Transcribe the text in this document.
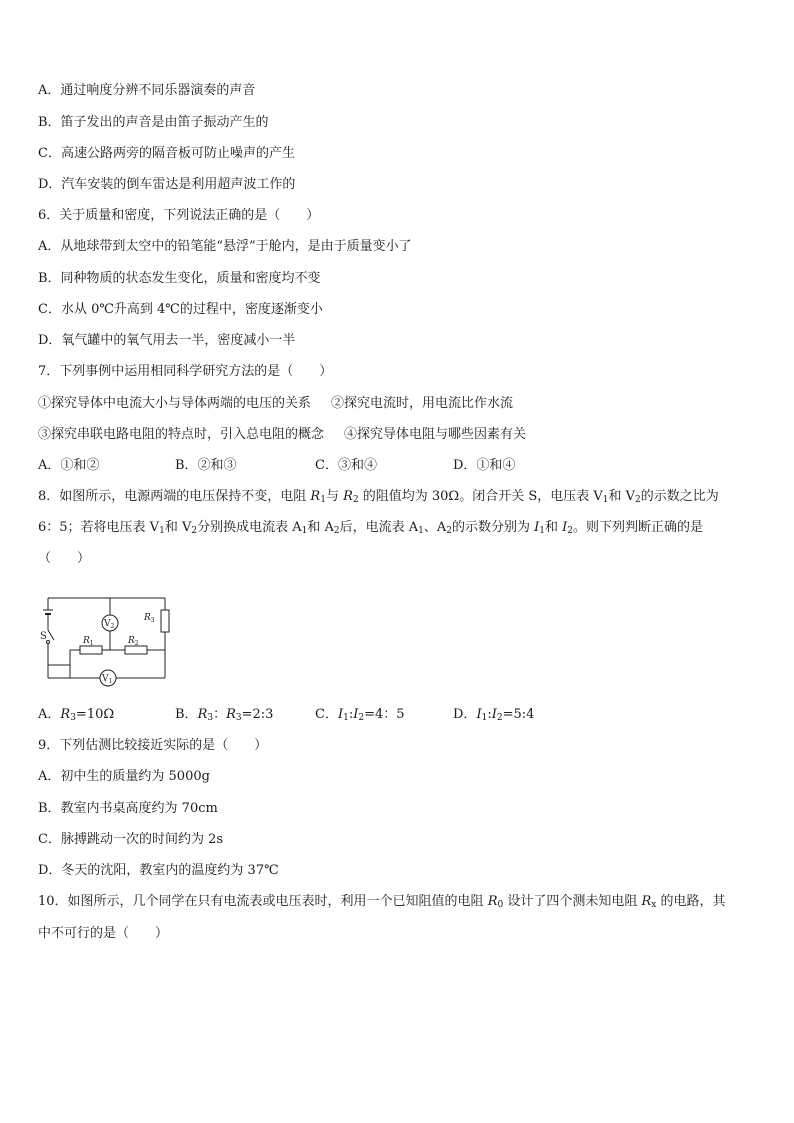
A．通过响度分辨不同乐器演奏的声音
B．笛子发出的声音是由笛子振动产生的
C．高速公路两旁的隔音板可防止噪声的产生
D．汽车安装的倒车雷达是利用超声波工作的
6．关于质量和密度，下列说法正确的是（　　）
A．从地球带到太空中的铅笔能“悬浮”于舱内，是由于质量变小了
B．同种物质的状态发生变化，质量和密度均不变
C．水从 0℃升高到 4℃的过程中，密度逐渐变小
D．氧气罐中的氧气用去一半，密度减小一半
7．下列事例中运用相同科学研究方法的是（　　）
①探究导体中电流大小与导体两端的电压的关系 ②探究电流时，用电流比作水流
③探究串联电路电阻的特点时，引入总电阻的概念 ④探究导体电阻与哪些因素有关
A．①和②	B．②和③	C．③和④	D．①和④
8．如图所示，电源两端的电压保持不变，电阻 $R_1$与 $R_2$ 的阻值均为 30Ω。闭合开关 S，电压表 $V_1$和 $V_2$的示数之比为
6：5；若将电压表 $V_1$和 $V_2$分别换成电流表 $A_1$和 $A_2$后，电流表 $A_1$、$A_2$的示数分别为 $I_1$和 $I_2$。则下列判断正确的是
（　　）
S
$V_2$
$R_3$
$R_1$	$R_2$
$V_1$
A．$R_3=10\Omega$	B．$R_3$：$R_3=2:3$	C．$I_1:I_2=4$：5	D．$I_1:I_2=5:4$
9．下列估测比较接近实际的是（　　）
A．初中生的质量约为 5000g
B．教室内书桌高度约为 70cm
C．脉搏跳动一次的时间约为 2s
D．冬天的沈阳，教室内的温度约为 37℃
10．如图所示，几个同学在只有电流表或电压表时，利用一个已知阻值的电阻 $R_0$ 设计了四个测未知电阻 $R_x$ 的电路，其
中不可行的是（　　）
